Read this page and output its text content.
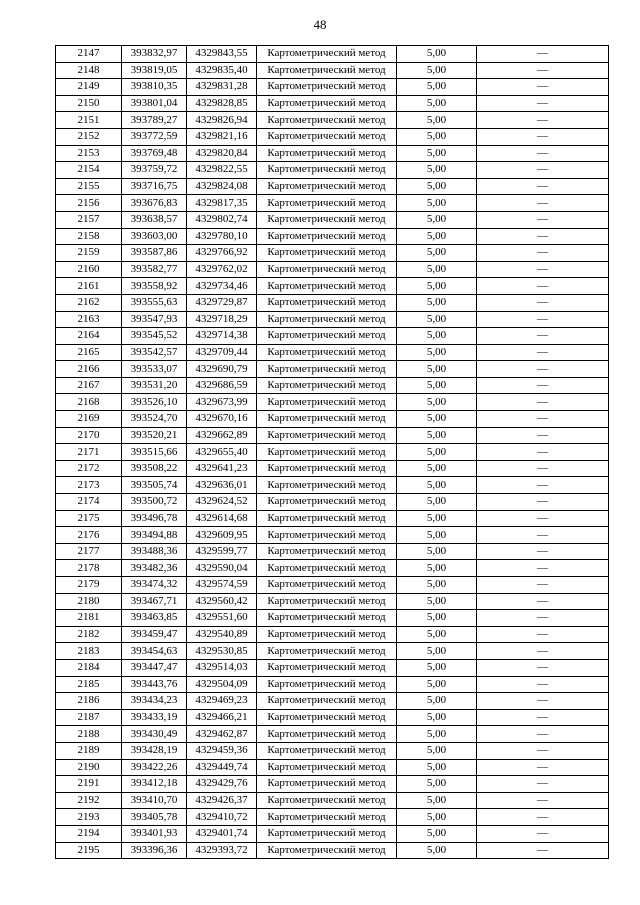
48
2147	393832,97	4329843,55	Картометрический метод	5,00	—
2148	393819,05	4329835,40	Картометрический метод	5,00	—
2149	393810,35	4329831,28	Картометрический метод	5,00	—
2150	393801,04	4329828,85	Картометрический метод	5,00	—
2151	393789,27	4329826,94	Картометрический метод	5,00	—
2152	393772,59	4329821,16	Картометрический метод	5,00	—
2153	393769,48	4329820,84	Картометрический метод	5,00	—
2154	393759,72	4329822,55	Картометрический метод	5,00	—
2155	393716,75	4329824,08	Картометрический метод	5,00	—
2156	393676,83	4329817,35	Картометрический метод	5,00	—
2157	393638,57	4329802,74	Картометрический метод	5,00	—
2158	393603,00	4329780,10	Картометрический метод	5,00	—
2159	393587,86	4329766,92	Картометрический метод	5,00	—
2160	393582,77	4329762,02	Картометрический метод	5,00	—
2161	393558,92	4329734,46	Картометрический метод	5,00	—
2162	393555,63	4329729,87	Картометрический метод	5,00	—
2163	393547,93	4329718,29	Картометрический метод	5,00	—
2164	393545,52	4329714,38	Картометрический метод	5,00	—
2165	393542,57	4329709,44	Картометрический метод	5,00	—
2166	393533,07	4329690,79	Картометрический метод	5,00	—
2167	393531,20	4329686,59	Картометрический метод	5,00	—
2168	393526,10	4329673,99	Картометрический метод	5,00	—
2169	393524,70	4329670,16	Картометрический метод	5,00	—
2170	393520,21	4329662,89	Картометрический метод	5,00	—
2171	393515,66	4329655,40	Картометрический метод	5,00	—
2172	393508,22	4329641,23	Картометрический метод	5,00	—
2173	393505,74	4329636,01	Картометрический метод	5,00	—
2174	393500,72	4329624,52	Картометрический метод	5,00	—
2175	393496,78	4329614,68	Картометрический метод	5,00	—
2176	393494,88	4329609,95	Картометрический метод	5,00	—
2177	393488,36	4329599,77	Картометрический метод	5,00	—
2178	393482,36	4329590,04	Картометрический метод	5,00	—
2179	393474,32	4329574,59	Картометрический метод	5,00	—
2180	393467,71	4329560,42	Картометрический метод	5,00	—
2181	393463,85	4329551,60	Картометрический метод	5,00	—
2182	393459,47	4329540,89	Картометрический метод	5,00	—
2183	393454,63	4329530,85	Картометрический метод	5,00	—
2184	393447,47	4329514,03	Картометрический метод	5,00	—
2185	393443,76	4329504,09	Картометрический метод	5,00	—
2186	393434,23	4329469,23	Картометрический метод	5,00	—
2187	393433,19	4329466,21	Картометрический метод	5,00	—
2188	393430,49	4329462,87	Картометрический метод	5,00	—
2189	393428,19	4329459,36	Картометрический метод	5,00	—
2190	393422,26	4329449,74	Картометрический метод	5,00	—
2191	393412,18	4329429,76	Картометрический метод	5,00	—
2192	393410,70	4329426,37	Картометрический метод	5,00	—
2193	393405,78	4329410,72	Картометрический метод	5,00	—
2194	393401,93	4329401,74	Картометрический метод	5,00	—
2195	393396,36	4329393,72	Картометрический метод	5,00	—
